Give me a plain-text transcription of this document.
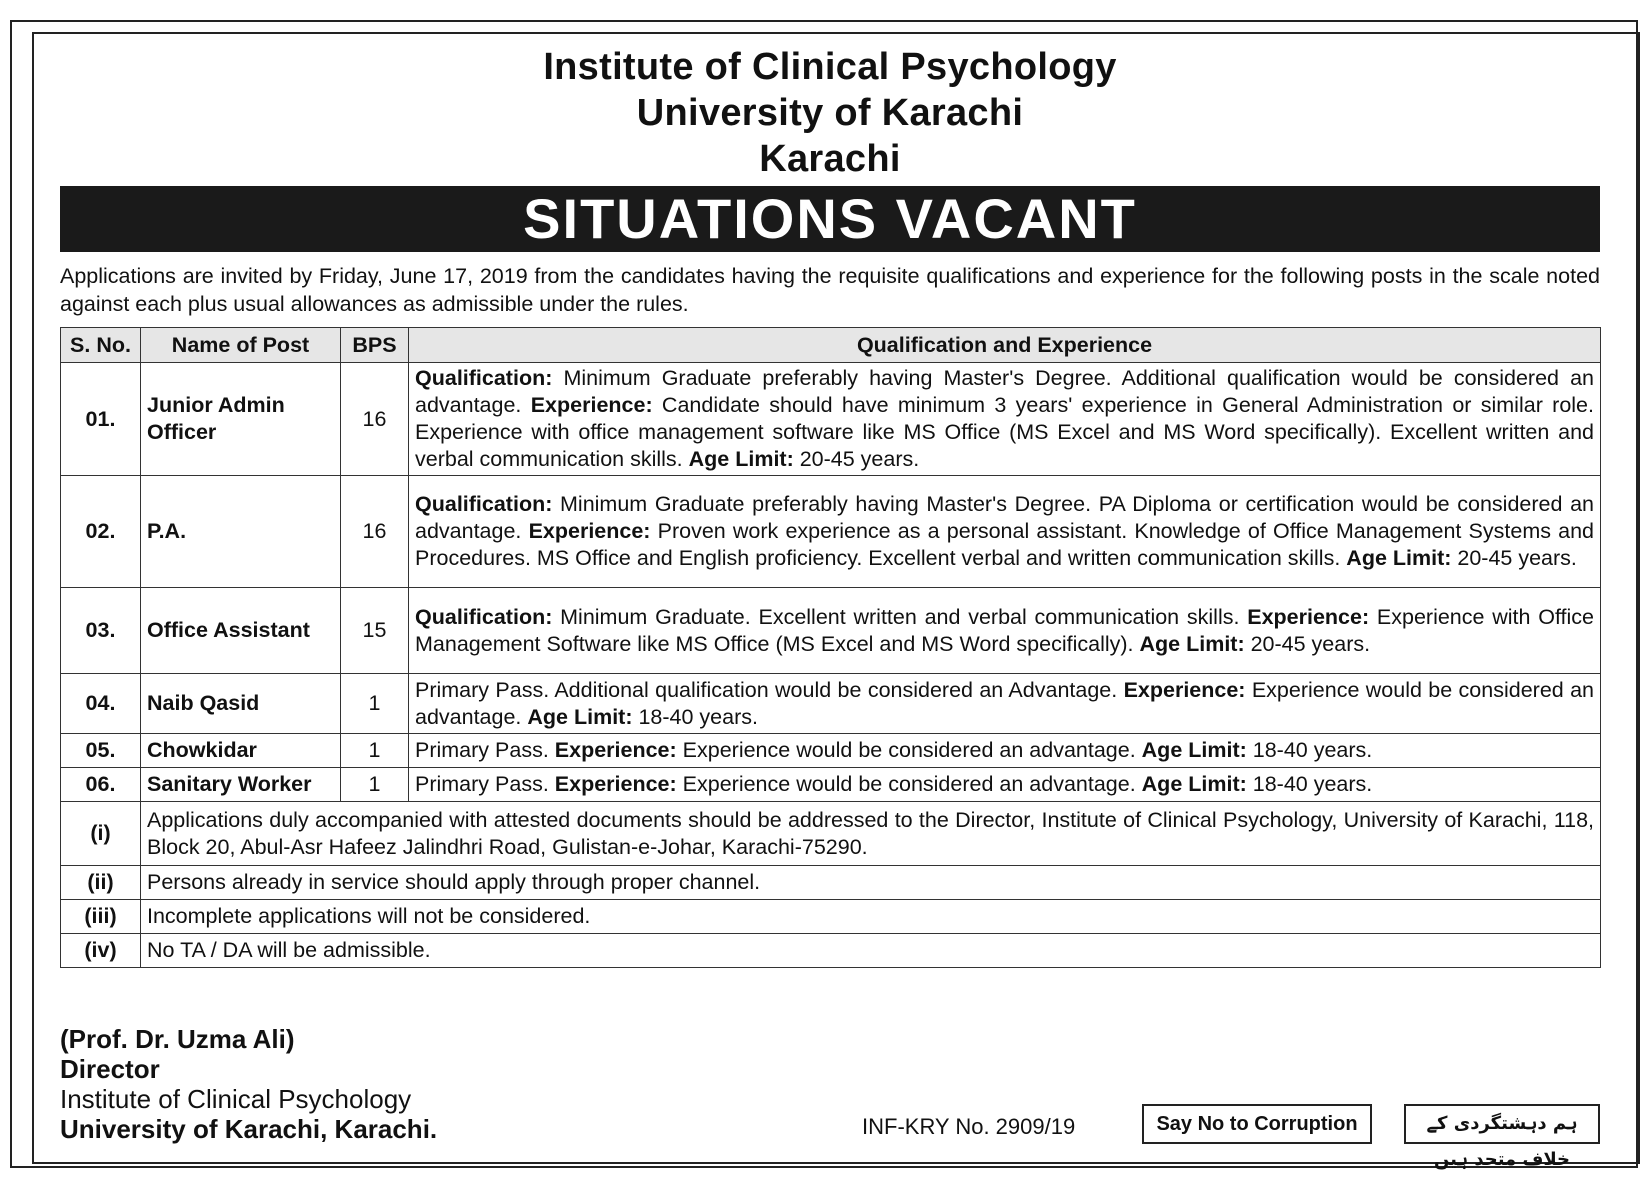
Institute of Clinical Psychology
University of Karachi
Karachi
SITUATIONS VACANT
Applications are invited by Friday, June 17, 2019 from the candidates having the requisite qualifications and experience for the following posts in the scale noted against each plus usual allowances as admissible under the rules.
S. No.	Name of Post	BPS	Qualification and Experience
01.	Junior Admin Officer	16	Qualification: Minimum Graduate preferably having Master's Degree. Additional qualification would be considered an advantage. Experience: Candidate should have minimum 3 years' experience in General Administration or similar role. Experience with office management software like MS Office (MS Excel and MS Word specifically). Excellent written and verbal communication skills. Age Limit: 20-45 years.
02.	P.A.	16	Qualification: Minimum Graduate preferably having Master's Degree. PA Diploma or certification would be considered an advantage. Experience: Proven work experience as a personal assistant. Knowledge of Office Management Systems and Procedures. MS Office and English proficiency. Excellent verbal and written communication skills. Age Limit: 20-45 years.
03.	Office Assistant	15	Qualification: Minimum Graduate. Excellent written and verbal communication skills. Experience: Experience with Office Management Software like MS Office (MS Excel and MS Word specifically). Age Limit: 20-45 years.
04.	Naib Qasid	1	Primary Pass. Additional qualification would be considered an Advantage. Experience: Experience would be considered an advantage. Age Limit: 18-40 years.
05.	Chowkidar	1	Primary Pass. Experience: Experience would be considered an advantage. Age Limit: 18-40 years.
06.	Sanitary Worker	1	Primary Pass. Experience: Experience would be considered an advantage. Age Limit: 18-40 years.
(i)	Applications duly accompanied with attested documents should be addressed to the Director, Institute of Clinical Psychology, University of Karachi, 118, Block 20, Abul-Asr Hafeez Jalindhri Road, Gulistan-e-Johar, Karachi-75290.		
(ii)	Persons already in service should apply through proper channel.		
(iii)	Incomplete applications will not be considered.		
(iv)	No TA / DA will be admissible.		
(Prof. Dr. Uzma Ali)
Director
Institute of Clinical Psychology
University of Karachi, Karachi.	INF-KRY No. 2909/19	Say No to Corruption	ہم دہشتگردی کے خلاف متحد ہیں
